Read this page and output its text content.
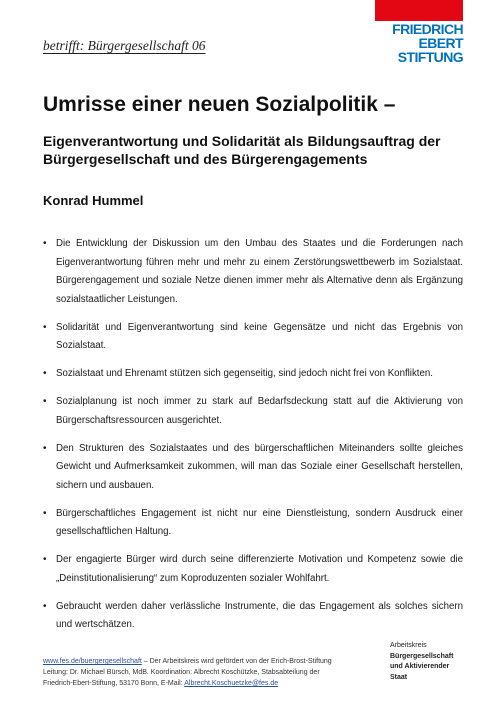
betrifft: Bürgergesellschaft 06
FRIEDRICH
EBERT
STIFTUNG
Umrisse einer neuen Sozialpolitik –
Eigenverantwortung und Solidarität als Bildungsauftrag der Bürgergesellschaft und des Bürgerengagements
Konrad Hummel
• Die Entwicklung der Diskussion um den Umbau des Staates und die Forderungen nach Eigenverantwortung führen mehr und mehr zu einem Zerstörungswettbewerb im Sozialstaat. Bürgerengagement und soziale Netze dienen immer mehr als Alternative denn als Ergänzung sozialstaatlicher Leistungen.
• Solidarität und Eigenverantwortung sind keine Gegensätze und nicht das Ergebnis von Sozialstaat.
• Sozialstaat und Ehrenamt stützen sich gegenseitig, sind jedoch nicht frei von Konflikten.
• Sozialplanung ist noch immer zu stark auf Bedarfsdeckung statt auf die Aktivierung von Bürgerschaftsressourcen ausgerichtet.
• Den Strukturen des Sozialstaates und des bürgerschaftlichen Miteinanders sollte gleiches Gewicht und Aufmerksamkeit zukommen, will man das Soziale einer Gesellschaft herstellen, sichern und ausbauen.
• Bürgerschaftliches Engagement ist nicht nur eine Dienstleistung, sondern Ausdruck einer gesellschaftlichen Haltung.
• Der engagierte Bürger wird durch seine differenzierte Motivation und Kompetenz sowie die „Deinstitutionalisierung“ zum Koproduzenten sozialer Wohlfahrt.
• Gebraucht werden daher verlässliche Instrumente, die das Engagement als solches sichern und wertschätzen.
www.fes.de/buergergesellschaft – Der Arbeitskreis wird gefördert von der Erich-Brost-Stiftung
Leitung: Dr. Michael Bürsch, MdB. Koordination: Albrecht Koschützke, Stabsabteilung der
Friedrich-Ebert-Stiftung, 53170 Bonn, E-Mail: Albrecht.Koschuetzke@fes.de
Arbeitskreis
Bürgergesellschaft
und Aktivierender
Staat
